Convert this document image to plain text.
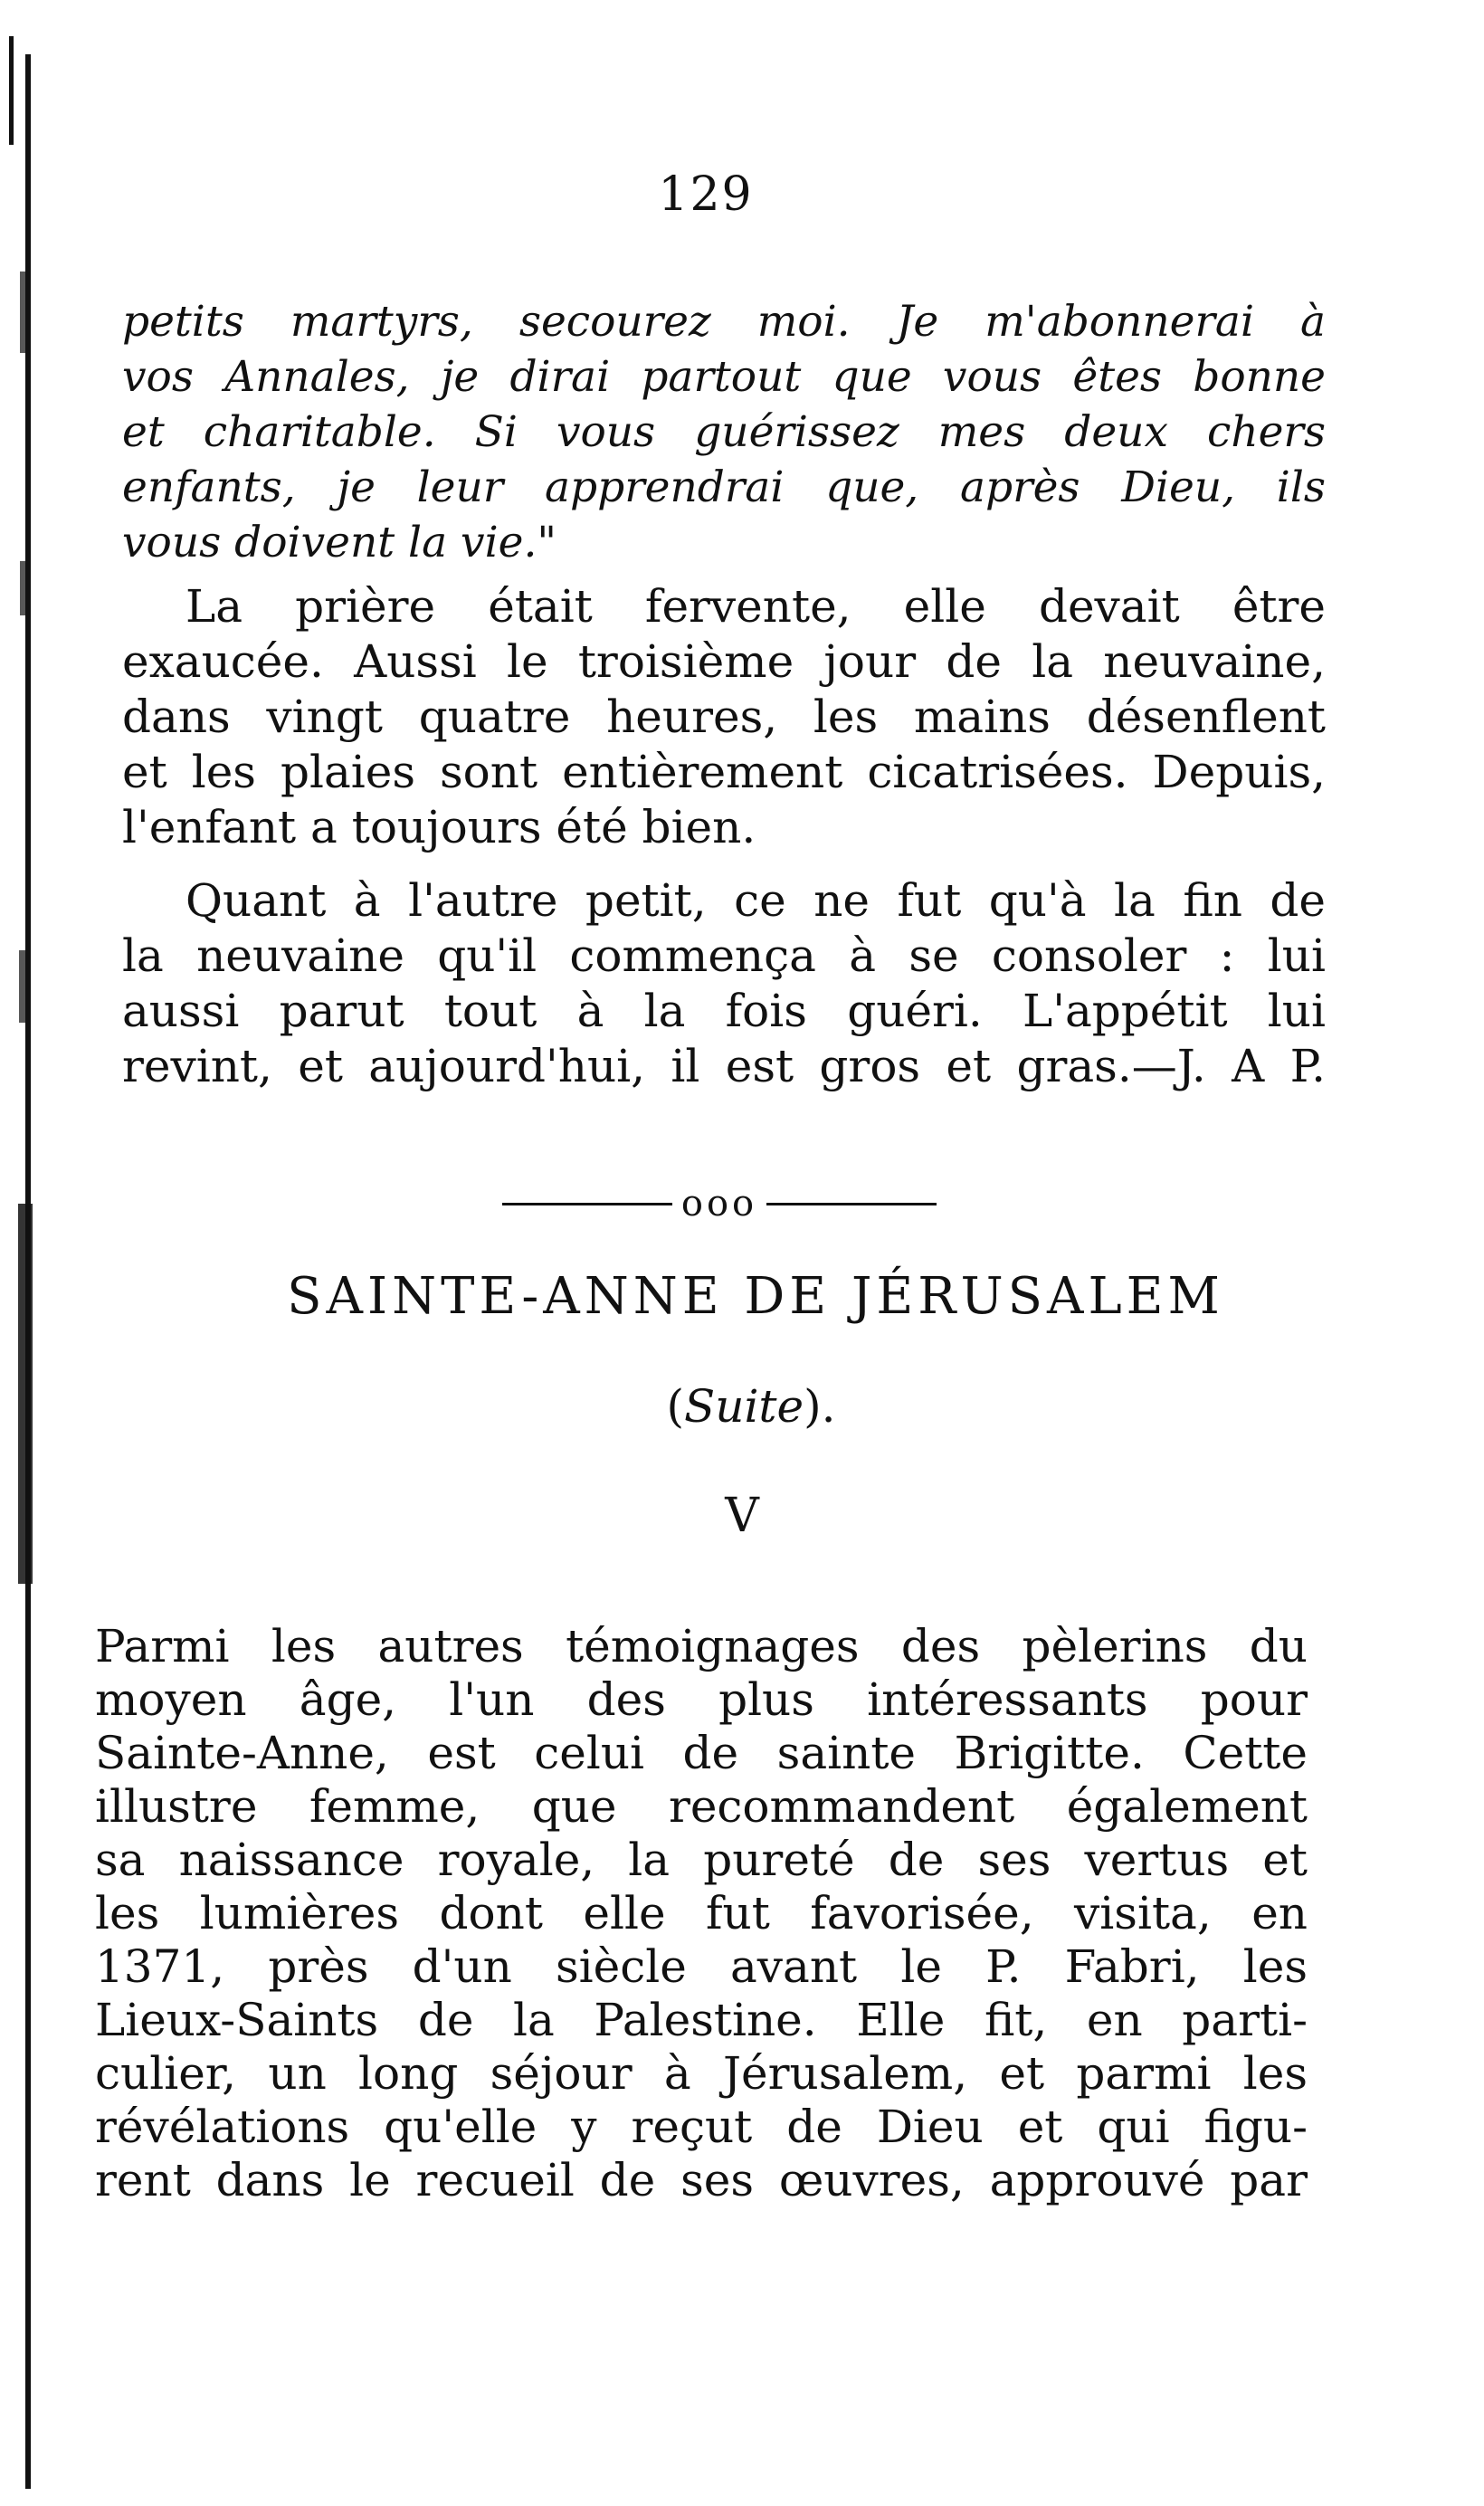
129
petits martyrs, secourez moi. Je m'abonnerai à
vos Annales, je dirai partout que vous êtes bonne
et charitable. Si vous guérissez mes deux chers
enfants, je leur apprendrai que, après Dieu, ils
vous doivent la vie."
La prière était fervente, elle devait être
exaucée. Aussi le troisième jour de la neuvaine,
dans vingt quatre heures, les mains désenflent
et les plaies sont entièrement cicatrisées. Depuis,
l'enfant a toujours été bien.
Quant à l'autre petit, ce ne fut qu'à la fin de
la neuvaine qu'il commença à se consoler : lui
aussi parut tout à la fois guéri. L'appétit lui
revint, et aujourd'hui, il est gros et gras.—J. A P.
ooo
SAINTE-ANNE DE JÉRUSALEM
(Suite).
V
Parmi les autres témoignages des pèlerins du
moyen âge, l'un des plus intéressants pour
Sainte-Anne, est celui de sainte Brigitte. Cette
illustre femme, que recommandent également
sa naissance royale, la pureté de ses vertus et
les lumières dont elle fut favorisée, visita, en
1371, près d'un siècle avant le P. Fabri, les
Lieux-Saints de la Palestine. Elle fit, en parti-
culier, un long séjour à Jérusalem, et parmi les
révélations qu'elle y reçut de Dieu et qui figu-
rent dans le recueil de ses œuvres, approuvé par
